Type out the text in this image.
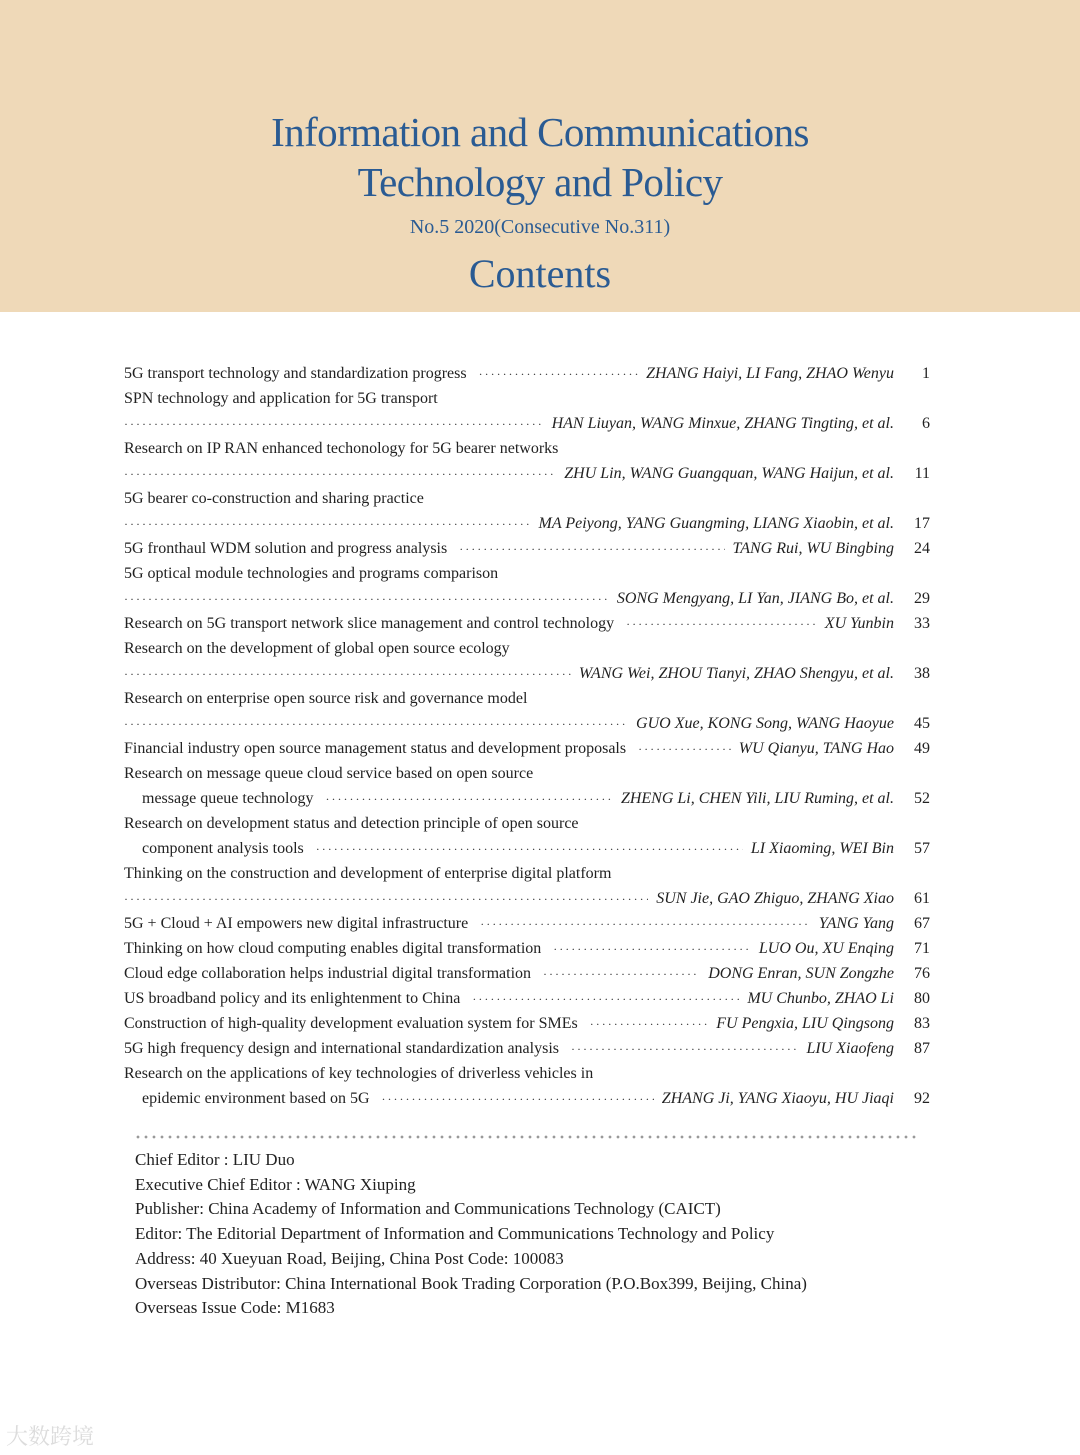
Information and Communications
Technology and Policy
No.5 2020(Consecutive No.311)
Contents
5G transport technology and standardization progress ·····	ZHANG Haiyi, LI Fang, ZHAO Wenyu	1
SPN technology and application for 5G transport
·····
HAN Liuyan, WANG Minxue, ZHANG Tingting, et al.	6
Research on IP RAN enhanced techonology for 5G bearer networks
·····
ZHU Lin, WANG Guangquan, WANG Haijun, et al.	11
5G bearer co-construction and sharing practice
·····
MA Peiyong, YANG Guangming, LIANG Xiaobin, et al.	17
5G fronthaul WDM solution and progress analysis ·····	TANG Rui, WU Bingbing	24
5G optical module technologies and programs comparison
·····
SONG Mengyang, LI Yan, JIANG Bo, et al.	29
Research on 5G transport network slice management and control technology ·····	XU Yunbin	33
Research on the development of global open source ecology
·····
WANG Wei, ZHOU Tianyi, ZHAO Shengyu, et al.	38
Research on enterprise open source risk and governance model
·····
GUO Xue, KONG Song, WANG Haoyue	45
Financial industry open source management status and development proposals ·····	WU Qianyu, TANG Hao	49
Research on message queue cloud service based on open source
message queue technology ·····	ZHENG Li, CHEN Yili, LIU Ruming, et al.	52
Research on development status and detection principle of open source
component analysis tools ·····	LI Xiaoming, WEI Bin	57
Thinking on the construction and development of enterprise digital platform
·····
SUN Jie, GAO Zhiguo, ZHANG Xiao	61
5G + Cloud + AI empowers new digital infrastructure ·····	YANG Yang	67
Thinking on how cloud computing enables digital transformation ·····	LUO Ou, XU Enqing	71
Cloud edge collaboration helps industrial digital transformation ·····	DONG Enran, SUN Zongzhe	76
US broadband policy and its enlightenment to China ·····	MU Chunbo, ZHAO Li	80
Construction of high-quality development evaluation system for SMEs ·····	FU Pengxia, LIU Qingsong	83
5G high frequency design and international standardization analysis ·····	LIU Xiaofeng	87
Research on the applications of key technologies of driverless vehicles in
epidemic environment based on 5G ·····	ZHANG Ji, YANG Xiaoyu, HU Jiaqi	92
Chief Editor : LIU Duo
Executive Chief Editor : WANG Xiuping
Publisher: China Academy of Information and Communications Technology (CAICT)
Editor: The Editorial Department of Information and Communications Technology and Policy
Address: 40 Xueyuan Road, Beijing, China Post Code: 100083
Overseas Distributor: China International Book Trading Corporation (P.O.Box399, Beijing, China)
Overseas Issue Code: M1683
大数跨境
